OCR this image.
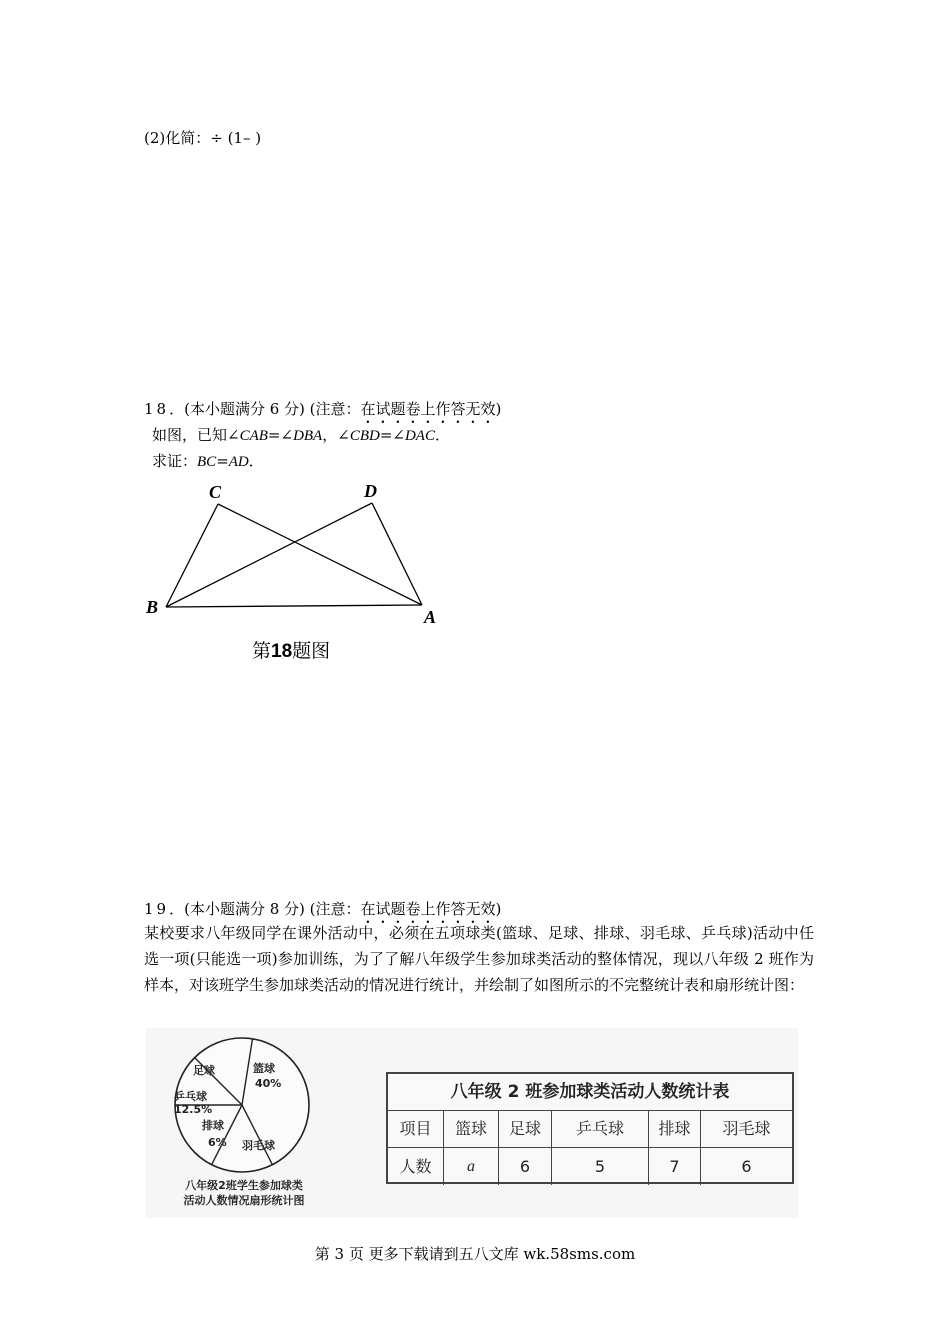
(2)化简：÷ (1– )
18．(本小题满分 6 分) (注意：在试题卷上作答无效)
如图，已知∠CAB=∠DBA，∠CBD=∠DAC．
求证：BC=AD．
C	D
B	A
第18题图
19．(本小题满分 8 分) (注意：在试题卷上作答无效)
某校要求八年级同学在课外活动中，必须在五项球类(篮球、足球、排球、羽毛球、乒乓球)活动中任选一项(只能选一项)参加训练，为了了解八年级学生参加球类活动的整体情况，现以八年级 2 班作为样本，对该班学生参加球类活动的情况进行统计，并绘制了如图所示的不完整统计表和扇形统计图：
足球	篮球
40%
乒乓球
12.5%
排球
6% 羽毛球
八年级2班学生参加球类
活动人数情况扇形统计图
八年级 2 班参加球类活动人数统计表
项目	篮球	足球	乒乓球	排球	羽毛球
人数	a	6	5	7	6
第 3 页 更多下载请到五八文库 wk.58sms.com
